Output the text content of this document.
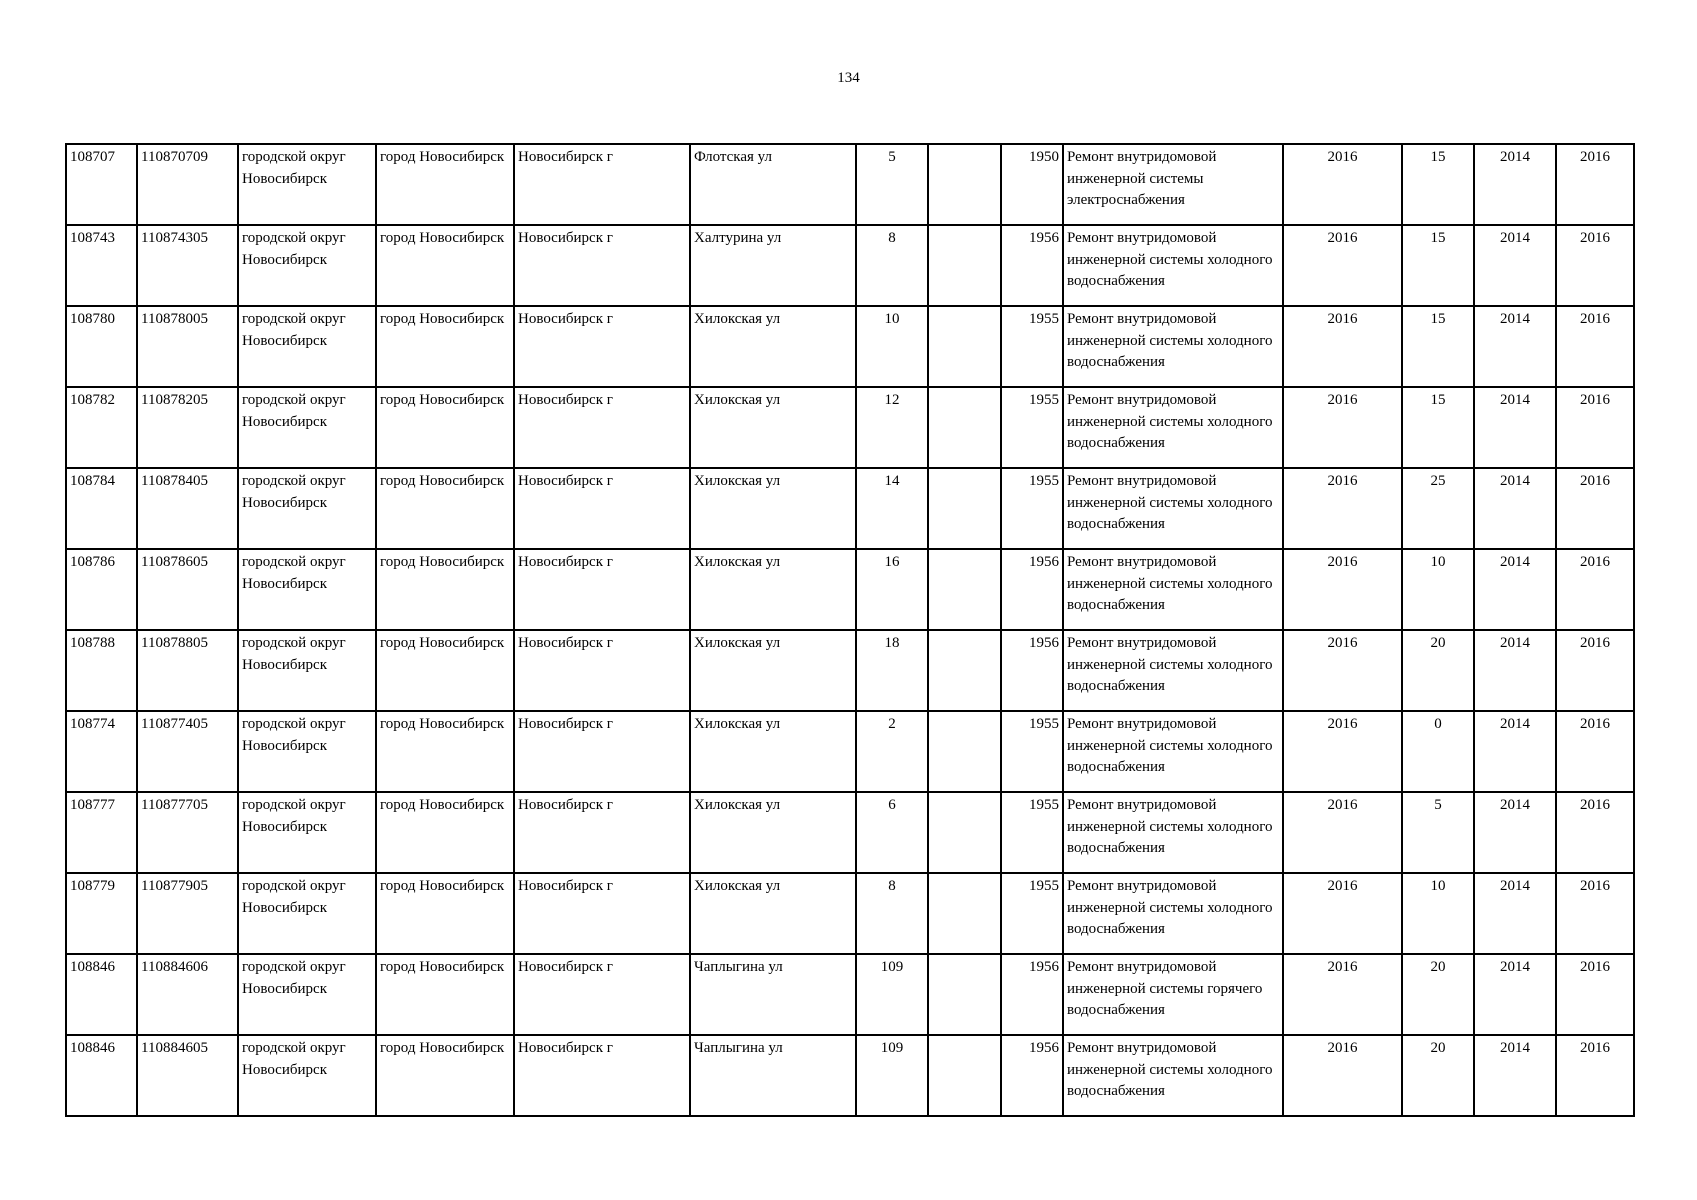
134
108707	110870709	городской округ Новосибирск	город Новосибирск	Новосибирск г	Флотская ул	5		1950	Ремонт внутридомовой инженерной системы электроснабжения	2016	15	2014	2016
108743	110874305	городской округ Новосибирск	город Новосибирск	Новосибирск г	Халтурина ул	8		1956	Ремонт внутридомовой инженерной системы холодного водоснабжения	2016	15	2014	2016
108780	110878005	городской округ Новосибирск	город Новосибирск	Новосибирск г	Хилокская ул	10		1955	Ремонт внутридомовой инженерной системы холодного водоснабжения	2016	15	2014	2016
108782	110878205	городской округ Новосибирск	город Новосибирск	Новосибирск г	Хилокская ул	12		1955	Ремонт внутридомовой инженерной системы холодного водоснабжения	2016	15	2014	2016
108784	110878405	городской округ Новосибирск	город Новосибирск	Новосибирск г	Хилокская ул	14		1955	Ремонт внутридомовой инженерной системы холодного водоснабжения	2016	25	2014	2016
108786	110878605	городской округ Новосибирск	город Новосибирск	Новосибирск г	Хилокская ул	16		1956	Ремонт внутридомовой инженерной системы холодного водоснабжения	2016	10	2014	2016
108788	110878805	городской округ Новосибирск	город Новосибирск	Новосибирск г	Хилокская ул	18		1956	Ремонт внутридомовой инженерной системы холодного водоснабжения	2016	20	2014	2016
108774	110877405	городской округ Новосибирск	город Новосибирск	Новосибирск г	Хилокская ул	2		1955	Ремонт внутридомовой инженерной системы холодного водоснабжения	2016	0	2014	2016
108777	110877705	городской округ Новосибирск	город Новосибирск	Новосибирск г	Хилокская ул	6		1955	Ремонт внутридомовой инженерной системы холодного водоснабжения	2016	5	2014	2016
108779	110877905	городской округ Новосибирск	город Новосибирск	Новосибирск г	Хилокская ул	8		1955	Ремонт внутридомовой инженерной системы холодного водоснабжения	2016	10	2014	2016
108846	110884606	городской округ Новосибирск	город Новосибирск	Новосибирск г	Чаплыгина ул	109		1956	Ремонт внутридомовой инженерной системы горячего водоснабжения	2016	20	2014	2016
108846	110884605	городской округ Новосибирск	город Новосибирск	Новосибирск г	Чаплыгина ул	109		1956	Ремонт внутридомовой инженерной системы холодного водоснабжения	2016	20	2014	2016
